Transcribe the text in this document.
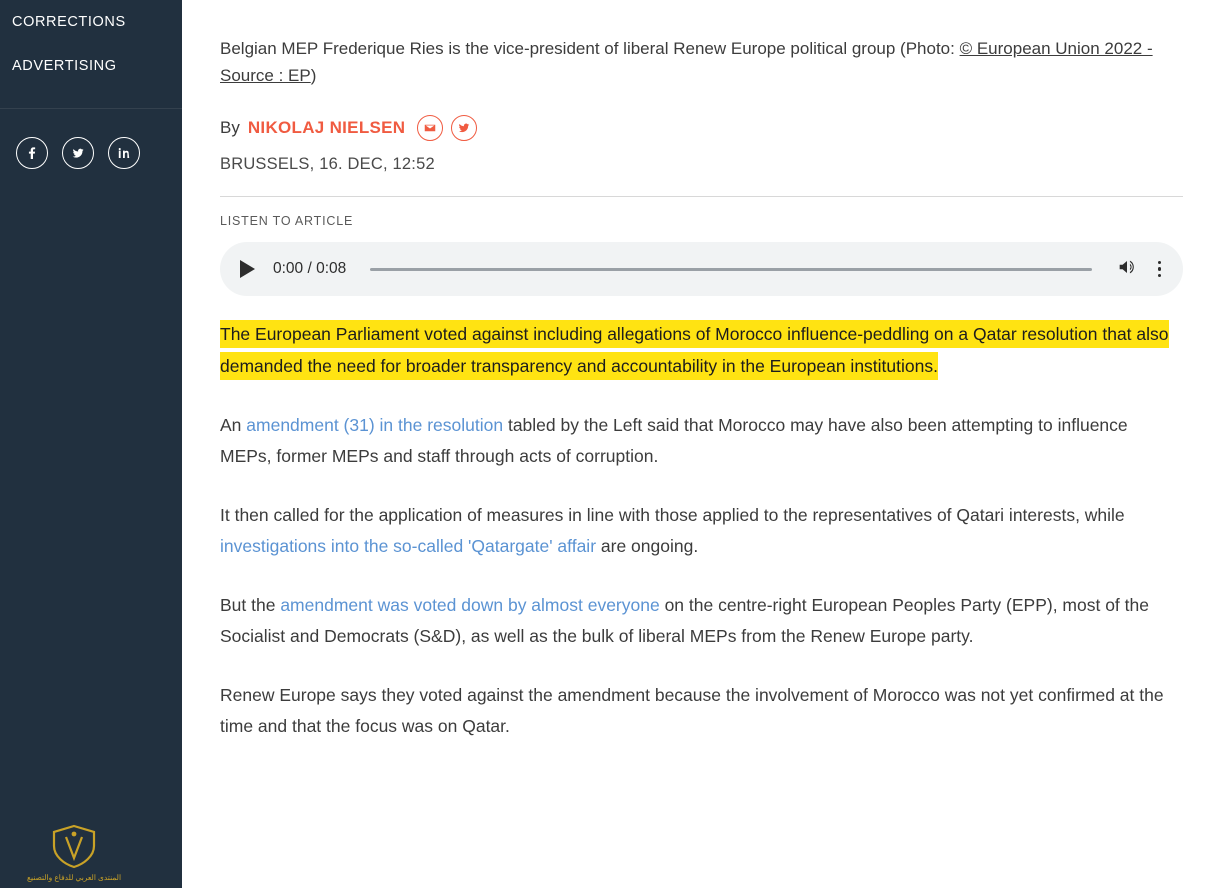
CORRECTIONS
ADVERTISING
المنتدى العربي للدفاع والتصنيع

Belgian MEP Frederique Ries is the vice-president of liberal Renew Europe political group (Photo: © European Union 2022 - Source : EP)

By NIKOLAJ NIELSEN
BRUSSELS, 16. DEC, 12:52
LISTEN TO ARTICLE
0:00 / 0:08

The European Parliament voted against including allegations of Morocco influence-peddling on a Qatar resolution that also demanded the need for broader transparency and accountability in the European institutions.

An amendment (31) in the resolution tabled by the Left said that Morocco may have also been attempting to influence MEPs, former MEPs and staff through acts of corruption.

It then called for the application of measures in line with those applied to the representatives of Qatari interests, while investigations into the so-called 'Qatargate' affair are ongoing.

But the amendment was voted down by almost everyone on the centre-right European Peoples Party (EPP), most of the Socialist and Democrats (S&D), as well as the bulk of liberal MEPs from the Renew Europe party.

Renew Europe says they voted against the amendment because the involvement of Morocco was not yet confirmed at the time and that the focus was on Qatar.
